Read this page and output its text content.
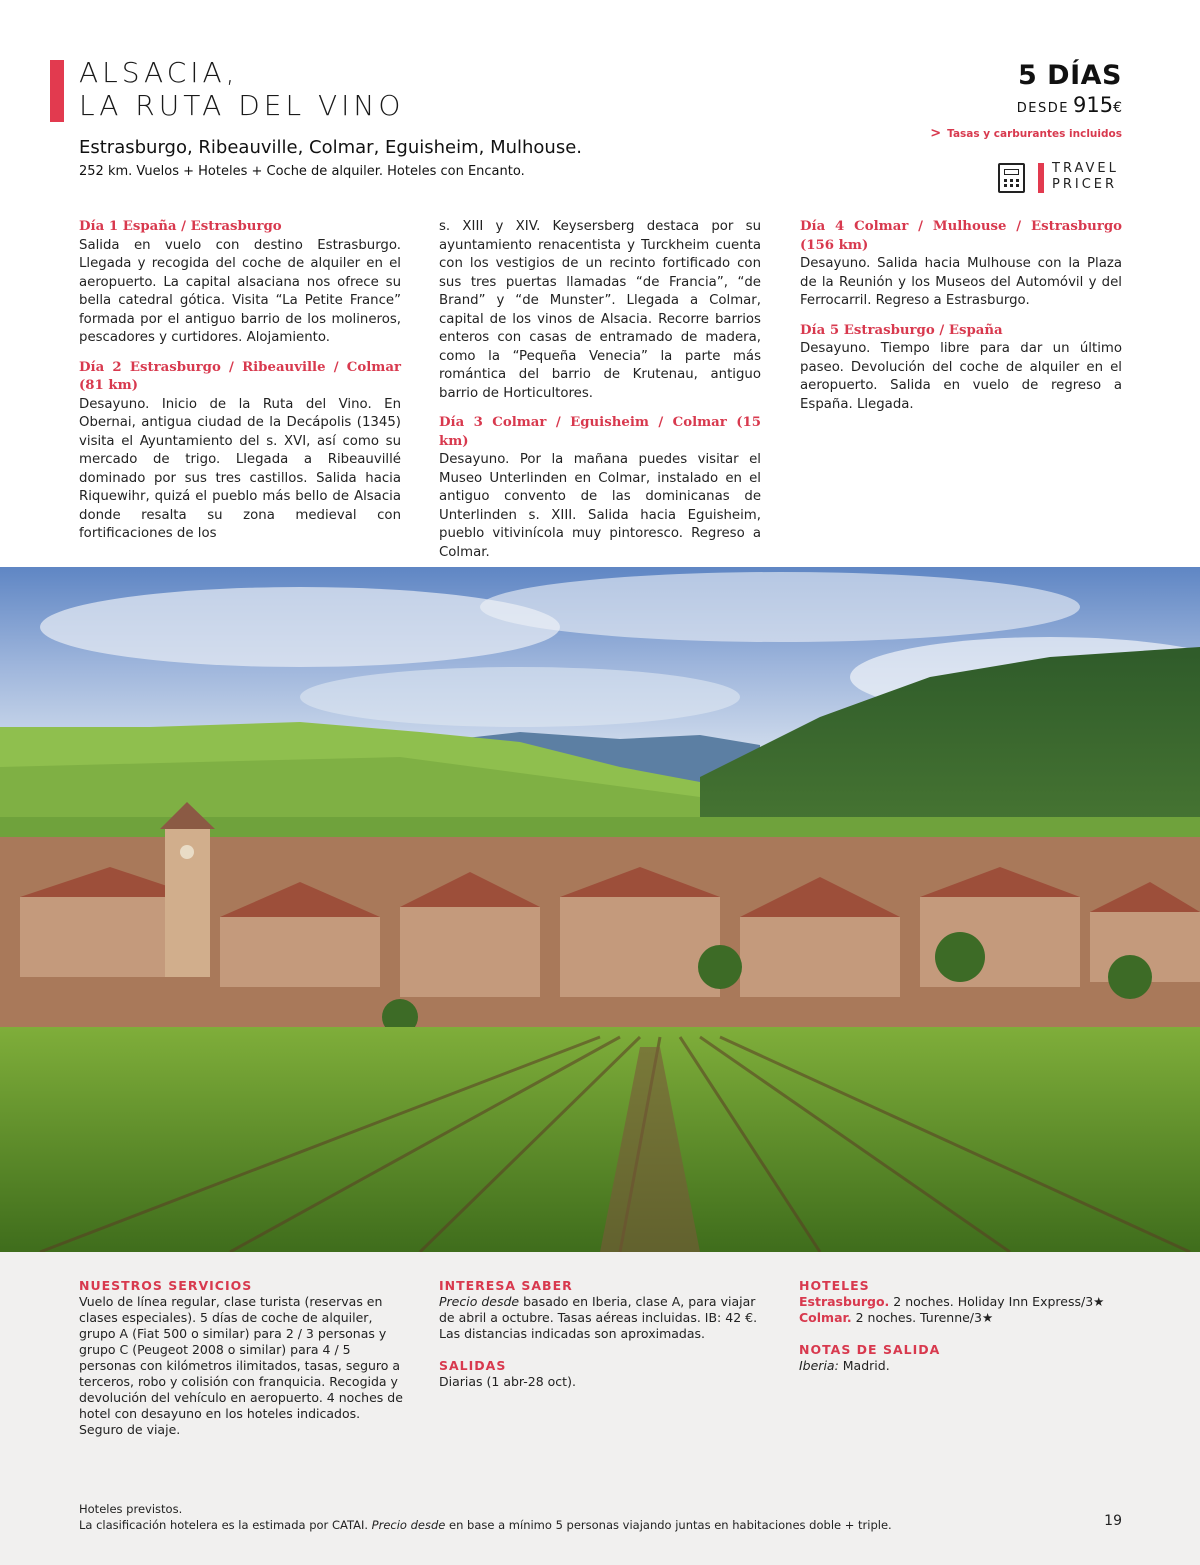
ALSACIA,
LA RUTA DEL VINO
Estrasburgo, Ribeauville, Colmar, Eguisheim, Mulhouse.
252 km. Vuelos + Hoteles + Coche de alquiler. Hoteles con Encanto.
5 DÍAS
DESDE 915€
> Tasas y carburantes incluidos
TRAVEL
PRICER
Día 1 España / Estrasburgo
Salida en vuelo con destino Estrasburgo. Llegada y recogida del coche de alquiler en el aeropuerto. La capital alsaciana nos ofrece su bella catedral gótica. Visita “La Petite France” formada por el antiguo barrio de los molineros, pescadores y curtidores. Alojamiento.
Día 2 Estrasburgo / Ribeauville / Colmar (81 km)
Desayuno. Inicio de la Ruta del Vino. En Obernai, antigua ciudad de la Decápolis (1345) visita el Ayuntamiento del s. XVI, así como su mercado de trigo. Llegada a Ribeauvillé dominado por sus tres castillos. Salida hacia Riquewihr, quizá el pueblo más bello de Alsacia donde resalta su zona medieval con fortificaciones de los
s. XIII y XIV. Keysersberg destaca por su ayuntamiento renacentista y Turckheim cuenta con los vestigios de un recinto fortificado con sus tres puertas llamadas “de Francia”, “de Brand” y “de Munster”. Llegada a Colmar, capital de los vinos de Alsacia. Recorre barrios enteros con casas de entramado de madera, como la “Pequeña Venecia” la parte más romántica del barrio de Krutenau, antiguo barrio de Horticultores.
Día 3 Colmar / Eguisheim / Colmar (15 km)
Desayuno. Por la mañana puedes visitar el Museo Unterlinden en Colmar, instalado en el antiguo convento de las dominicanas de Unterlinden s. XIII. Salida hacia Eguisheim, pueblo vitivinícola muy pintoresco. Regreso a Colmar.
Día 4 Colmar / Mulhouse / Estrasburgo (156 km)
Desayuno. Salida hacia Mulhouse con la Plaza de la Reunión y los Museos del Automóvil y del Ferrocarril. Regreso a Estrasburgo.
Día 5 Estrasburgo / España
Desayuno. Tiempo libre para dar un último paseo. Devolución del coche de alquiler en el aeropuerto. Salida en vuelo de regreso a España. Llegada.
NUESTROS SERVICIOS
Vuelo de línea regular, clase turista (reservas en clases especiales). 5 días de coche de alquiler, grupo A (Fiat 500 o similar) para 2 / 3 personas y grupo C (Peugeot 2008 o similar) para 4 / 5 personas con kilómetros ilimitados, tasas, seguro a terceros, robo y colisión con franquicia. Recogida y devolución del vehículo en aeropuerto. 4 noches de hotel con desayuno en los hoteles indicados. Seguro de viaje.
INTERESA SABER
Precio desde basado en Iberia, clase A, para viajar de abril a octubre. Tasas aéreas incluidas. IB: 42 €.
Las distancias indicadas son aproximadas.
SALIDAS
Diarias (1 abr-28 oct).
HOTELES
Estrasburgo. 2 noches. Holiday Inn Express/3★
Colmar. 2 noches. Turenne/3★
NOTAS DE SALIDA
Iberia: Madrid.
Hoteles previstos.
La clasificación hotelera es la estimada por CATAI. Precio desde en base a mínimo 5 personas viajando juntas en habitaciones doble + triple.	19
